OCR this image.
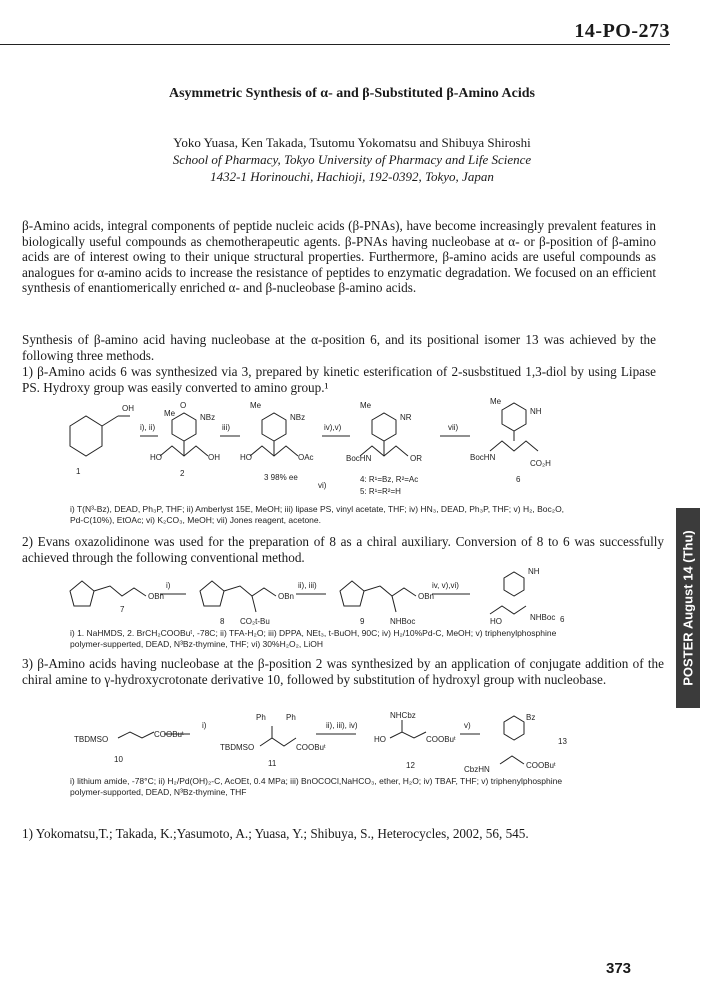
14-PO-273
Asymmetric Synthesis of α- and β-Substituted β-Amino Acids
Yoko Yuasa, Ken Takada, Tsutomu Yokomatsu and Shibuya Shiroshi
School of Pharmacy, Tokyo University of Pharmacy and Life Science
1432-1 Horinouchi, Hachioji, 192-0392, Tokyo, Japan
β-Amino acids, integral components of peptide nucleic acids (β-PNAs), have become increasingly prevalent features in biologically useful compounds as chemotherapeutic agents. β-PNAs having nucleobase at α- or β-position of β-amino acids are of interest owing to their unique structural properties. Furthermore, β-amino acids are useful compounds as analogues for α-amino acids to increase the resistance of peptides to enzymatic degradation. We focused on an efficient synthesis of enantiomerically enriched α- and β-nucleobase β-amino acids.
Synthesis of β-amino acid having nucleobase at the α-position 6, and its positional isomer 13 was achieved by the following three methods.
1) β-Amino acids 6 was synthesized via 3, prepared by kinetic esterification of 2-susbstitued 1,3-diol by using Lipase PS. Hydroxy group was easily converted to amino group.¹
OH	O
Me	NBz
HO	OH
Me
NBz
HO	OAc
Me
NR
BocHN	OR
Me
NH
BocHN
CO₂H
1	2	3 98% ee	6
i), ii)	iii)	iv),v)	vii)
vi)
4: R¹=Bz, R²=Ac
5: R¹=R²=H
i) T(N³-Bz), DEAD, Ph₃P, THF; ii) Amberlyst 15E, MeOH; iii) lipase PS, vinyl acetate, THF; iv) HN₃, DEAD, Ph₃P, THF; v) H₂, Boc₂O, Pd-C(10%), EtOAc; vi) K₂CO₃, MeOH; vii) Jones reagent, acetone.
2) Evans oxazolidinone was used for the preparation of 8 as a chiral auxiliary. Conversion of 8 to 6 was successfully achieved through the following conventional method.
OBn	OBn	OBn
CO₂t-Bu	NHBoc	HO
NH
NHBoc
7
8	9	6
i)	ii), iii)	iv, v),vi)
i) 1. NaHMDS, 2. BrCH₂COOBuᵗ, -78C; ii) TFA-H₂O; iii) DPPA, NEt₃, t-BuOH, 90C; iv) H₂/10%Pd-C, MeOH; v) triphenylphosphine polymer-supperted, DEAD, N³Bz-thymine, THF; vi) 30%H₂O₂, LiOH
3) β-Amino acids having nucleobase at the β-position 2 was synthesized by an application of conjugate addition of the chiral amine to γ-hydroxycrotonate derivative 10, followed by substitution of hydroxyl group with nucleobase.
TBDMSO
COOBuᵗ
TBDMSO	COOBuᵗ
Ph	Ph	NHCbz
HO	COOBuᵗ
CbzHN	COOBuᵗ
Bz
10	11	12
13
i)	ii), iii), iv)	v)
i) lithium amide, -78°C; ii) H₂/Pd(OH)₂-C, AcOEt, 0.4 MPa; iii) BnOCOCl,NaHCO₃, ether, H₂O; iv) TBAF, THF; v) triphenylphosphine polymer-supported, DEAD, N³Bz-thymine, THF
1) Yokomatsu,T.; Takada, K.;Yasumoto, A.; Yuasa, Y.; Shibuya, S., Heterocycles, 2002, 56, 545.
POSTER August 14 (Thu)
373
